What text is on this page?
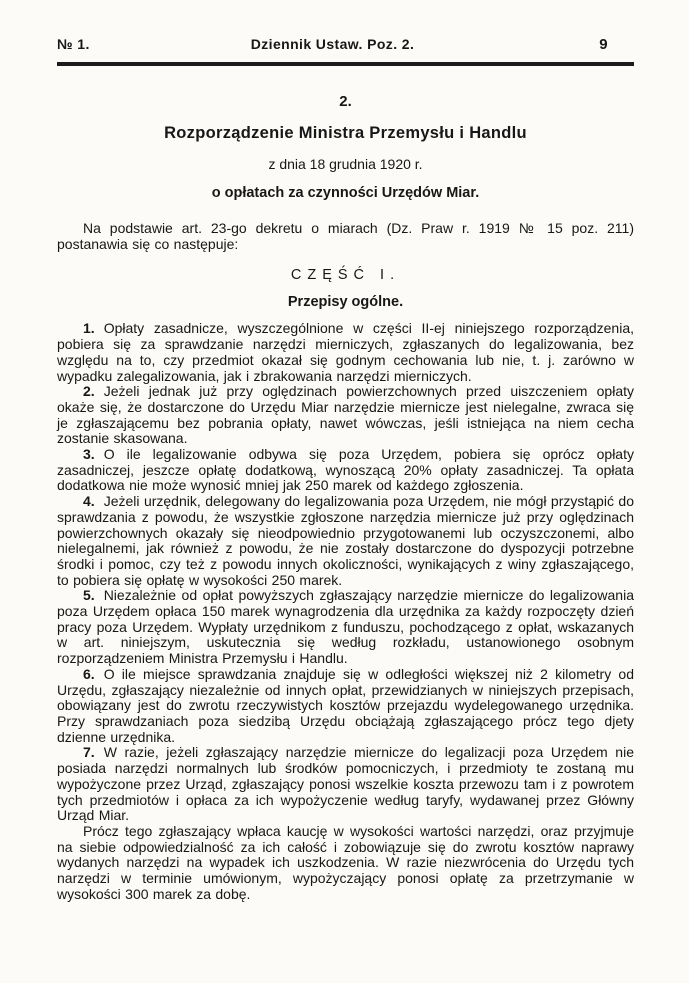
№ 1.	Dziennik Ustaw. Poz. 2.	9
2.
Rozporządzenie Ministra Przemysłu i Handlu
z dnia 18 grudnia 1920 r.
o opłatach za czynności Urzędów Miar.

Na podstawie art. 23-go dekretu o miarach (Dz. Praw r. 1919 № 15 poz. 211) postanawia się co następuje:

CZĘŚĆ I.
Przepisy ogólne.

1. Opłaty zasadnicze, wyszczególnione w części II-ej niniejszego rozporządzenia, pobiera się za sprawdzanie narzędzi mierniczych, zgłaszanych do legalizowania, bez względu na to, czy przedmiot okazał się godnym cechowania lub nie, t. j. zarówno w wypadku zalegalizowania, jak i zbrakowania narzędzi mierniczych.

2. Jeżeli jednak już przy oględzinach powierzchownych przed uiszczeniem opłaty okaże się, że dostarczone do Urzędu Miar narzędzie miernicze jest nielegalne, zwraca się je zgłaszającemu bez pobrania opłaty, nawet wówczas, jeśli istniejąca na niem cecha zostanie skasowana.

3. O ile legalizowanie odbywa się poza Urzędem, pobiera się oprócz opłaty zasadniczej, jeszcze opłatę dodatkową, wynoszącą 20% opłaty zasadniczej. Ta opłata dodatkowa nie może wynosić mniej jak 250 marek od każdego zgłoszenia.

4. Jeżeli urzędnik, delegowany do legalizowania poza Urzędem, nie mógł przystąpić do sprawdzania z powodu, że wszystkie zgłoszone narzędzia miernicze już przy oględzinach powierzchownych okazały się nieodpowiednio przygotowanemi lub oczyszczonemi, albo nielegalnemi, jak również z powodu, że nie zostały dostarczone do dyspozycji potrzebne środki i pomoc, czy też z powodu innych okoliczności, wynikających z winy zgłaszającego, to pobiera się opłatę w wysokości 250 marek.

5. Niezależnie od opłat powyższych zgłaszający narzędzie miernicze do legalizowania poza Urzędem opłaca 150 marek wynagrodzenia dla urzędnika za każdy rozpoczęty dzień pracy poza Urzędem. Wypłaty urzędnikom z funduszu, pochodzącego z opłat, wskazanych w art. niniejszym, uskutecznia się według rozkładu, ustanowionego osobnym rozporządzeniem Ministra Przemysłu i Handlu.

6. O ile miejsce sprawdzania znajduje się w odległości większej niż 2 kilometry od Urzędu, zgłaszający niezależnie od innych opłat, przewidzianych w niniejszych przepisach, obowiązany jest do zwrotu rzeczywistych kosztów przejazdu wydelegowanego urzędnika. Przy sprawdzaniach poza siedzibą Urzędu obciążają zgłaszającego prócz tego djety dzienne urzędnika.

7. W razie, jeżeli zgłaszający narzędzie miernicze do legalizacji poza Urzędem nie posiada narzędzi normalnych lub środków pomocniczych, i przedmioty te zostaną mu wypożyczone przez Urząd, zgłaszający ponosi wszelkie koszta przewozu tam i z powrotem tych przedmiotów i opłaca za ich wypożyczenie według taryfy, wydawanej przez Główny Urząd Miar.

Prócz tego zgłaszający wpłaca kaucję w wysokości wartości narzędzi, oraz przyjmuje na siebie odpowiedzialność za ich całość i zobowiązuje się do zwrotu kosztów naprawy wydanych narzędzi na wypadek ich uszkodzenia. W razie niezwrócenia do Urzędu tych narzędzi w terminie umówionym, wypożyczający ponosi opłatę za przetrzymanie w wysokości 300 marek za dobę.
